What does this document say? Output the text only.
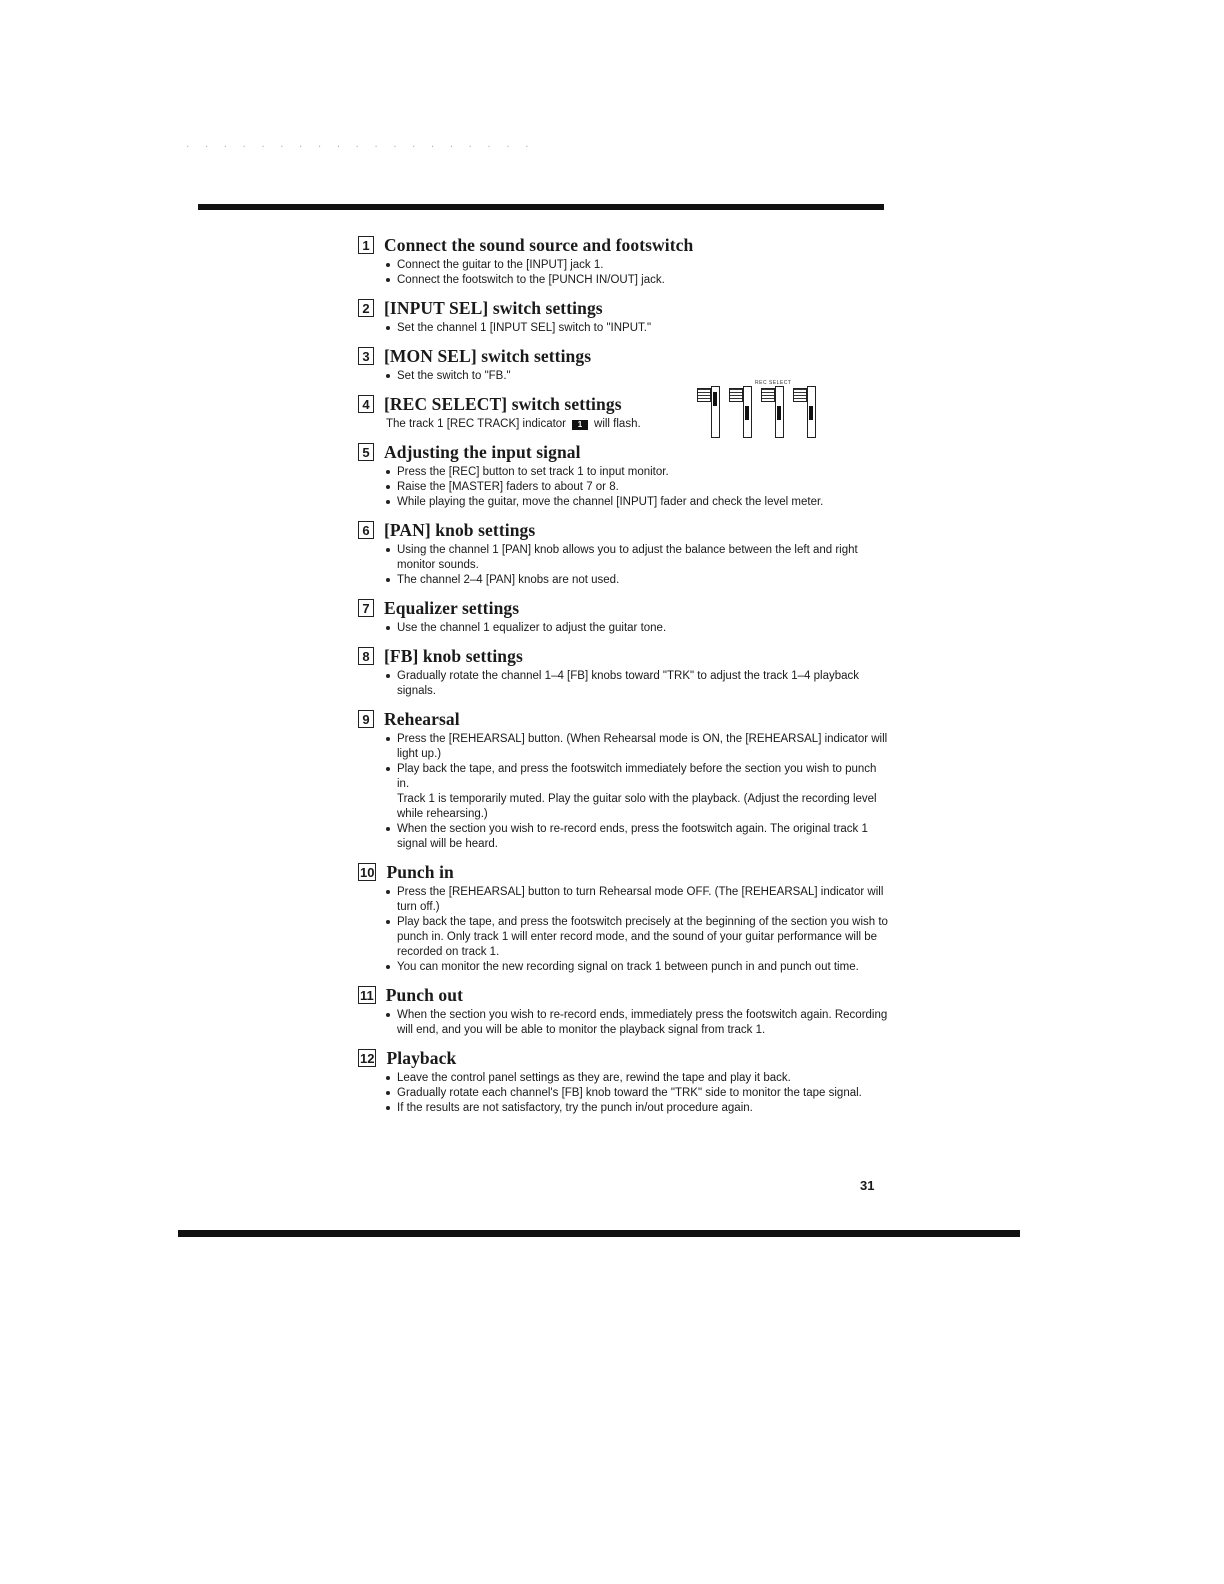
. . . . . . . . . . . . . . . . . . .
1 Connect the sound source and footswitch
Connect the guitar to the [INPUT] jack 1.
Connect the footswitch to the [PUNCH IN/OUT] jack.
2 [INPUT SEL] switch settings
Set the channel 1 [INPUT SEL] switch to "INPUT."
3 [MON SEL] switch settings
Set the switch to "FB."
4 [REC SELECT] switch settings
The track 1 [REC TRACK] indicator	1	will flash.
5 Adjusting the input signal
Press the [REC] button to set track 1 to input monitor.
Raise the [MASTER] faders to about 7 or 8.
While playing the guitar, move the channel [INPUT] fader and check the level meter.
6 [PAN] knob settings
Using the channel 1 [PAN] knob allows you to adjust the balance between the left and right monitor sounds.
The channel 2–4 [PAN] knobs are not used.
7 Equalizer settings
Use the channel 1 equalizer to adjust the guitar tone.
8 [FB] knob settings
Gradually rotate the channel 1–4 [FB] knobs toward "TRK" to adjust the track 1–4 playback signals.
9 Rehearsal
Press the [REHEARSAL] button. (When Rehearsal mode is ON, the [REHEARSAL] indicator will light up.)
Play back the tape, and press the footswitch immediately before the section you wish to punch in.
Track 1 is temporarily muted. Play the guitar solo with the playback. (Adjust the recording level while rehearsing.)
When the section you wish to re-record ends, press the footswitch again. The original track 1 signal will be heard.
10 Punch in
Press the [REHEARSAL] button to turn Rehearsal mode OFF. (The [REHEARSAL] indicator will turn off.)
Play back the tape, and press the footswitch precisely at the beginning of the section you wish to punch in. Only track 1 will enter record mode, and the sound of your guitar performance will be recorded on track 1.
You can monitor the new recording signal on track 1 between punch in and punch out time.
11 Punch out
When the section you wish to re-record ends, immediately press the footswitch again. Recording will end, and you will be able to monitor the playback signal from track 1.
12 Playback
Leave the control panel settings as they are, rewind the tape and play it back.
Gradually rotate each channel's [FB] knob toward the "TRK" side to monitor the tape signal.
If the results are not satisfactory, try the punch in/out procedure again.
REC SELECT
31
